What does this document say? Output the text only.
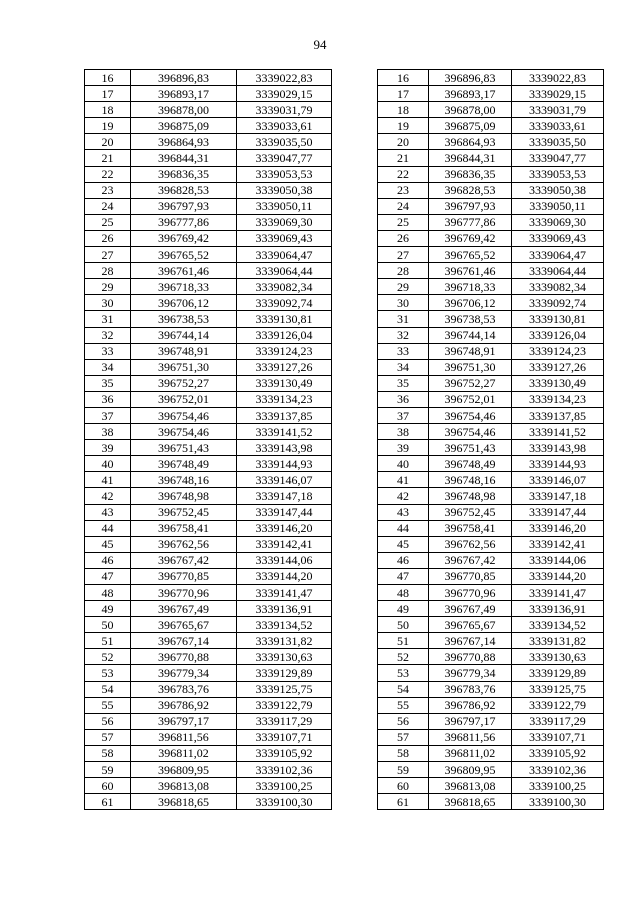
94
16	396896,83	3339022,83
17	396893,17	3339029,15
18	396878,00	3339031,79
19	396875,09	3339033,61
20	396864,93	3339035,50
21	396844,31	3339047,77
22	396836,35	3339053,53
23	396828,53	3339050,38
24	396797,93	3339050,11
25	396777,86	3339069,30
26	396769,42	3339069,43
27	396765,52	3339064,47
28	396761,46	3339064,44
29	396718,33	3339082,34
30	396706,12	3339092,74
31	396738,53	3339130,81
32	396744,14	3339126,04
33	396748,91	3339124,23
34	396751,30	3339127,26
35	396752,27	3339130,49
36	396752,01	3339134,23
37	396754,46	3339137,85
38	396754,46	3339141,52
39	396751,43	3339143,98
40	396748,49	3339144,93
41	396748,16	3339146,07
42	396748,98	3339147,18
43	396752,45	3339147,44
44	396758,41	3339146,20
45	396762,56	3339142,41
46	396767,42	3339144,06
47	396770,85	3339144,20
48	396770,96	3339141,47
49	396767,49	3339136,91
50	396765,67	3339134,52
51	396767,14	3339131,82
52	396770,88	3339130,63
53	396779,34	3339129,89
54	396783,76	3339125,75
55	396786,92	3339122,79
56	396797,17	3339117,29
57	396811,56	3339107,71
58	396811,02	3339105,92
59	396809,95	3339102,36
60	396813,08	3339100,25
61	396818,65	3339100,30
16	396896,83	3339022,83
17	396893,17	3339029,15
18	396878,00	3339031,79
19	396875,09	3339033,61
20	396864,93	3339035,50
21	396844,31	3339047,77
22	396836,35	3339053,53
23	396828,53	3339050,38
24	396797,93	3339050,11
25	396777,86	3339069,30
26	396769,42	3339069,43
27	396765,52	3339064,47
28	396761,46	3339064,44
29	396718,33	3339082,34
30	396706,12	3339092,74
31	396738,53	3339130,81
32	396744,14	3339126,04
33	396748,91	3339124,23
34	396751,30	3339127,26
35	396752,27	3339130,49
36	396752,01	3339134,23
37	396754,46	3339137,85
38	396754,46	3339141,52
39	396751,43	3339143,98
40	396748,49	3339144,93
41	396748,16	3339146,07
42	396748,98	3339147,18
43	396752,45	3339147,44
44	396758,41	3339146,20
45	396762,56	3339142,41
46	396767,42	3339144,06
47	396770,85	3339144,20
48	396770,96	3339141,47
49	396767,49	3339136,91
50	396765,67	3339134,52
51	396767,14	3339131,82
52	396770,88	3339130,63
53	396779,34	3339129,89
54	396783,76	3339125,75
55	396786,92	3339122,79
56	396797,17	3339117,29
57	396811,56	3339107,71
58	396811,02	3339105,92
59	396809,95	3339102,36
60	396813,08	3339100,25
61	396818,65	3339100,30
